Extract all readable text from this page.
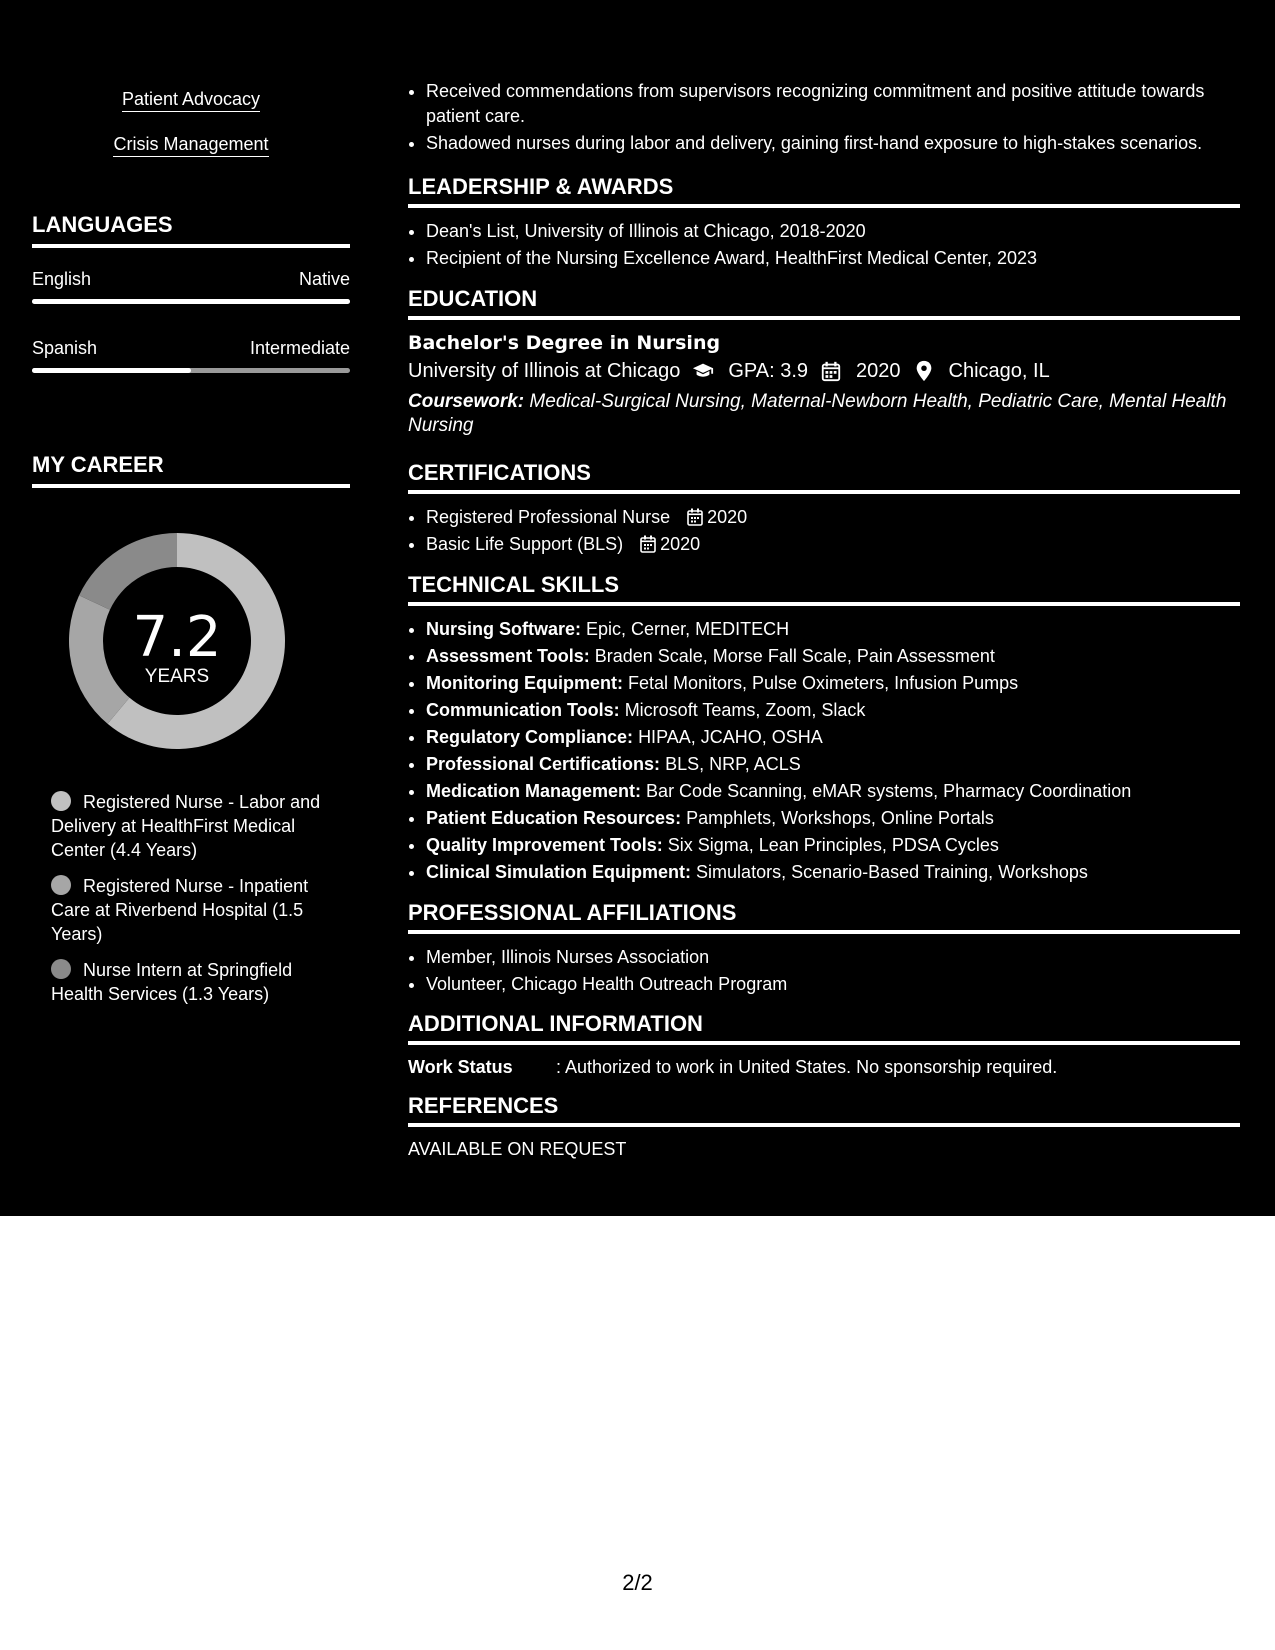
Patient Advocacy
Crisis Management
LANGUAGES
English	Native
Spanish	Intermediate
MY CAREER
7.2
YEARS
Registered Nurse - Labor and Delivery at HealthFirst Medical Center (4.4 Years)
Registered Nurse - Inpatient Care at Riverbend Hospital (1.5 Years)
Nurse Intern at Springfield Health Services (1.3 Years)
• Received commendations from supervisors recognizing commitment and positive attitude towards patient care.
• Shadowed nurses during labor and delivery, gaining first-hand exposure to high-stakes scenarios.
LEADERSHIP & AWARDS
• Dean's List, University of Illinois at Chicago, 2018-2020
• Recipient of the Nursing Excellence Award, HealthFirst Medical Center, 2023
EDUCATION
Bachelor's Degree in Nursing
University of Illinois at Chicago GPA: 3.9 2020 Chicago, IL
Coursework: Medical-Surgical Nursing, Maternal-Newborn Health, Pediatric Care, Mental Health Nursing
CERTIFICATIONS
• Registered Professional Nurse 2020
• Basic Life Support (BLS) 2020
TECHNICAL SKILLS
• Nursing Software: Epic, Cerner, MEDITECH
• Assessment Tools: Braden Scale, Morse Fall Scale, Pain Assessment
• Monitoring Equipment: Fetal Monitors, Pulse Oximeters, Infusion Pumps
• Communication Tools: Microsoft Teams, Zoom, Slack
• Regulatory Compliance: HIPAA, JCAHO, OSHA
• Professional Certifications: BLS, NRP, ACLS
• Medication Management: Bar Code Scanning, eMAR systems, Pharmacy Coordination
• Patient Education Resources: Pamphlets, Workshops, Online Portals
• Quality Improvement Tools: Six Sigma, Lean Principles, PDSA Cycles
• Clinical Simulation Equipment: Simulators, Scenario-Based Training, Workshops
PROFESSIONAL AFFILIATIONS
• Member, Illinois Nurses Association
• Volunteer, Chicago Health Outreach Program
ADDITIONAL INFORMATION
Work Status : Authorized to work in United States. No sponsorship required.
REFERENCES
AVAILABLE ON REQUEST
2/2
